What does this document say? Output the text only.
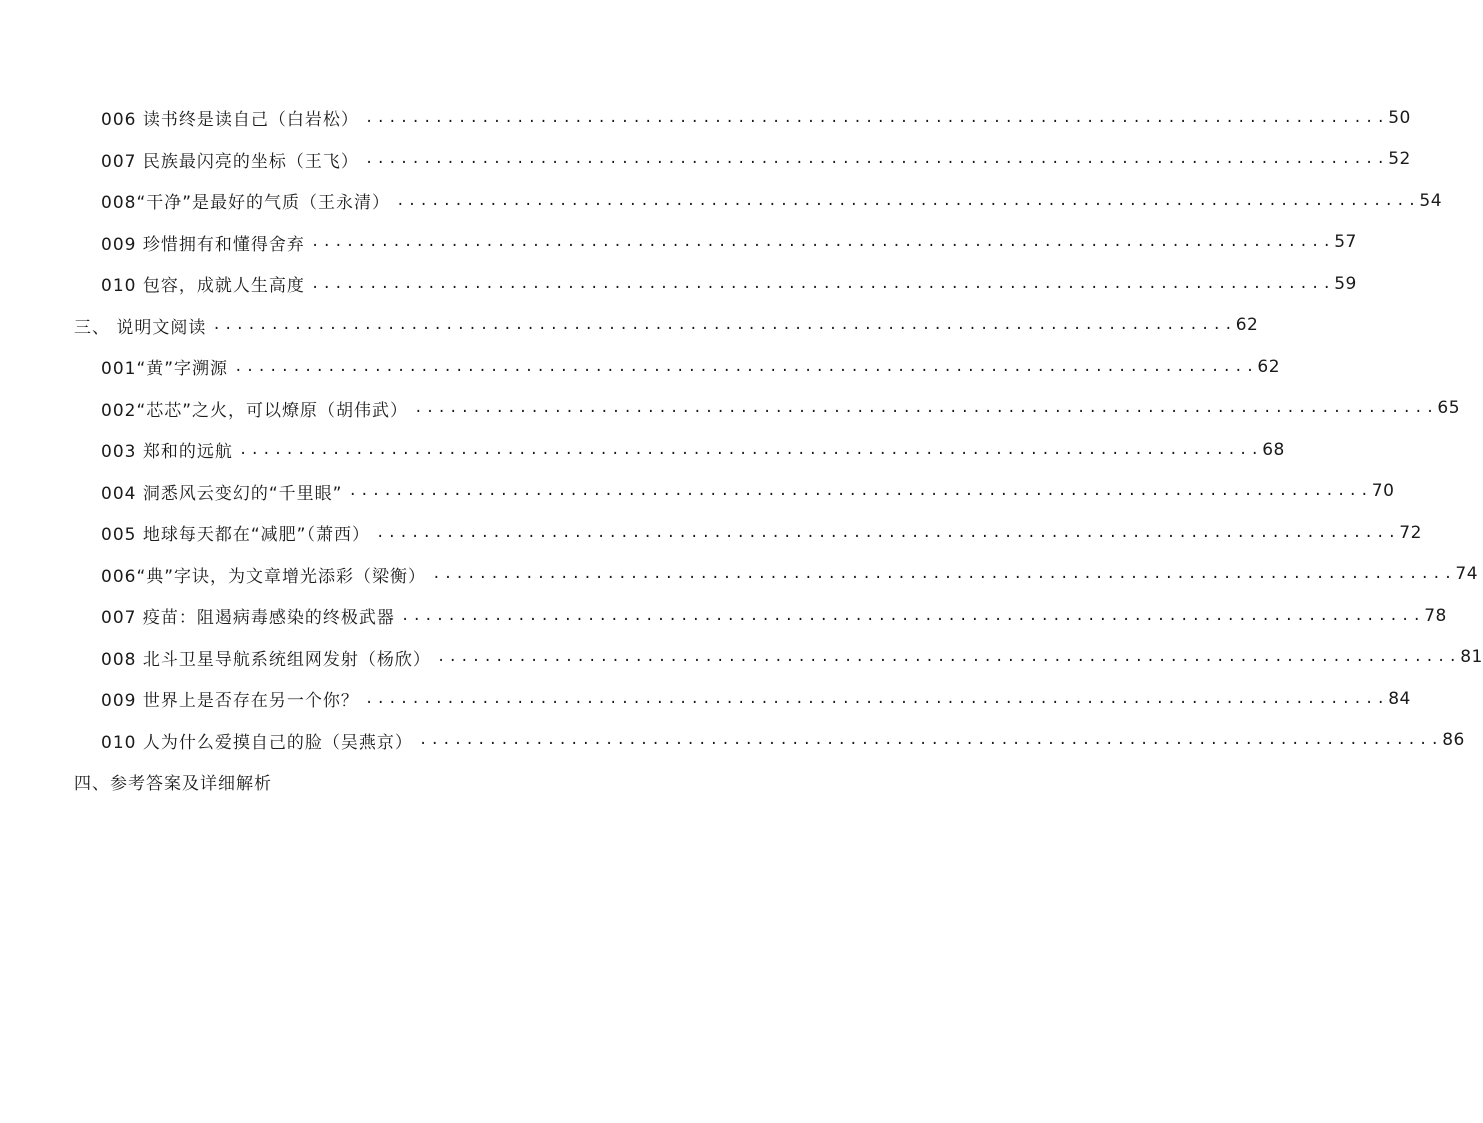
006 读书终是读自己（白岩松） ........................................................................................ 50
007 民族最闪亮的坐标（王飞） ........................................................................................ 52
008“干净”是最好的气质（王永清） ........................................................................................ 54
009 珍惜拥有和懂得舍弃 ........................................................................................ 57
010 包容，成就人生高度 ........................................................................................ 59
三、 说明文阅读 ........................................................................................ 62
001“黄”字溯源 ........................................................................................ 62
002“芯芯”之火，可以燎原（胡伟武） ........................................................................................ 65
003 郑和的远航 ........................................................................................ 68
004 洞悉风云变幻的“千里眼” ........................................................................................ 70
005 地球每天都在“减肥”（萧西） ........................................................................................ 72
006“典”字诀，为文章增光添彩（梁衡） ........................................................................................ 74
007 疫苗：阻遏病毒感染的终极武器 ........................................................................................ 78
008 北斗卫星导航系统组网发射（杨欣） ........................................................................................ 81
009 世界上是否存在另一个你？ ........................................................................................ 84
010 人为什么爱摸自己的脸（吴燕京） ........................................................................................ 86
四、参考答案及详细解析
